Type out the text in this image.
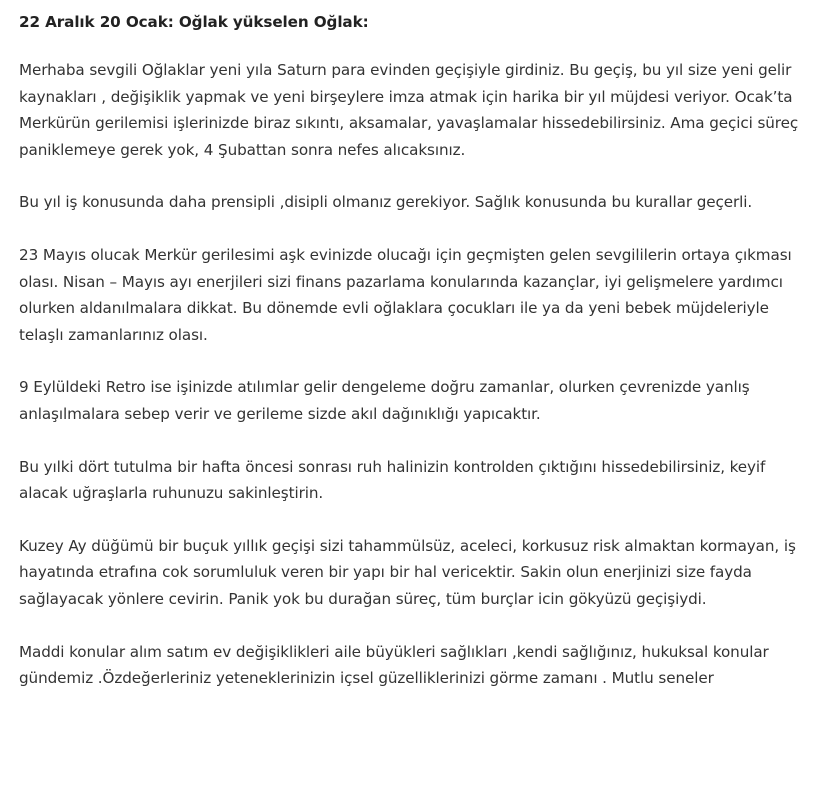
22 Aralık 20 Ocak: Oğlak yükselen Oğlak:

Merhaba sevgili Oğlaklar yeni yıla Saturn para evinden geçişiyle girdiniz. Bu geçiş, bu yıl size yeni gelir kaynakları , değişiklik yapmak ve yeni birşeylere imza atmak için harika bir yıl müjdesi veriyor. Ocak’ta Merkürün gerilemisi işlerinizde biraz sıkıntı, aksamalar, yavaşlamalar hissedebilirsiniz. Ama geçici süreç paniklemeye gerek yok, 4 Şubattan sonra nefes alıcaksınız.

Bu yıl iş konusunda daha prensipli ,disipli olmanız gerekiyor. Sağlık konusunda bu kurallar geçerli.

23 Mayıs olucak Merkür gerilesimi aşk evinizde olucağı için geçmişten gelen sevgililerin ortaya çıkması olası. Nisan – Mayıs ayı enerjileri sizi finans pazarlama konularında kazançlar, iyi gelişmelere yardımcı olurken aldanılmalara dikkat. Bu dönemde evli oğlaklara çocukları ile ya da yeni bebek müjdeleriyle telaşlı zamanlarınız olası.

9 Eylüldeki Retro ise işinizde atılımlar gelir dengeleme doğru zamanlar, olurken çevrenizde yanlış anlaşılmalara sebep verir ve gerileme sizde akıl dağınıklığı yapıcaktır.

Bu yılki dört tutulma bir hafta öncesi sonrası ruh halinizin kontrolden çıktığını hissedebilirsiniz, keyif alacak uğraşlarla ruhunuzu sakinleştirin.

Kuzey Ay düğümü bir buçuk yıllık geçişi sizi tahammülsüz, aceleci, korkusuz risk almaktan kormayan, iş hayatında etrafına cok sorumluluk veren bir yapı bir hal vericektir. Sakin olun enerjinizi size fayda sağlayacak yönlere cevirin. Panik yok bu durağan süreç, tüm burçlar icin gökyüzü geçişiydi.

Maddi konular alım satım ev değişiklikleri aile büyükleri sağlıkları ,kendi sağlığınız, hukuksal konular gündemiz .Özdeğerleriniz yeteneklerinizin içsel güzelliklerinizi görme zamanı . Mutlu seneler
